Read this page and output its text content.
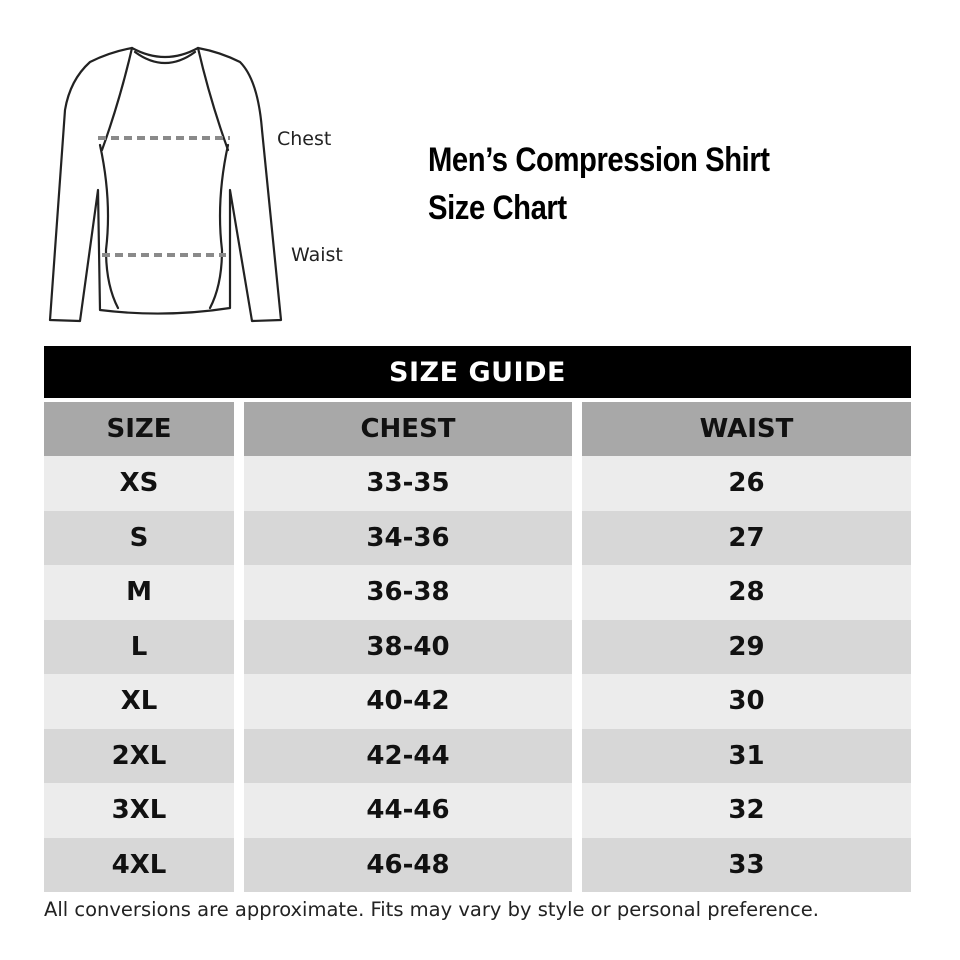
Chest
Waist
Men’s Compression Shirt
Size Chart
SIZE GUIDE
SIZE	CHEST	WAIST
XS	33-35	26
S	34-36	27
M	36-38	28
L	38-40	29
XL	40-42	30
2XL	42-44	31
3XL	44-46	32
4XL	46-48	33
All conversions are approximate. Fits may vary by style or personal preference.
